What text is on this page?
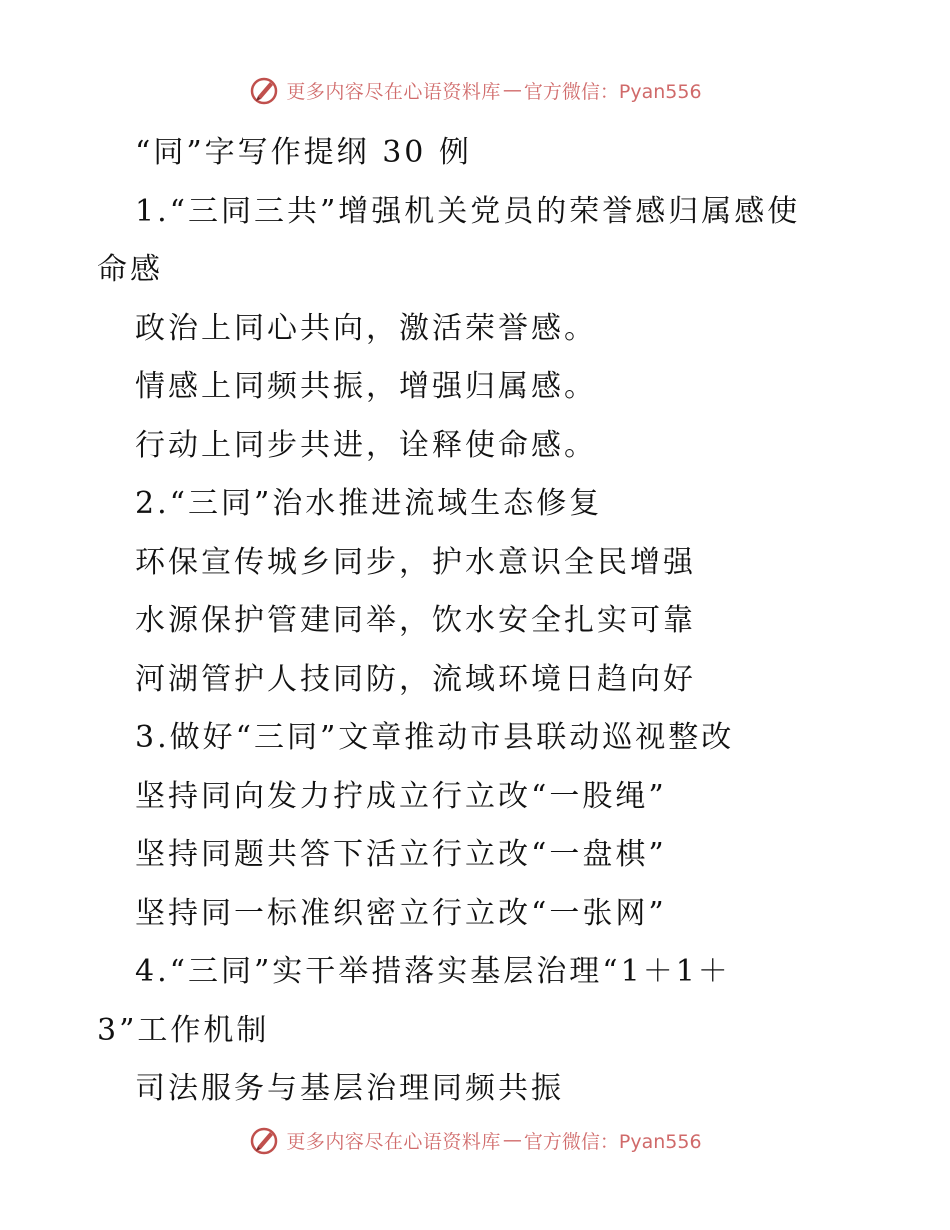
更多内容尽在心语资料库 — 官方微信：Pyan556
“同”字写作提纲 30 例
1.“三同三共”增强机关党员的荣誉感归属感使
命感
政治上同心共向，激活荣誉感。
情感上同频共振，增强归属感。
行动上同步共进，诠释使命感。
2.“三同”治水推进流域生态修复
环保宣传城乡同步，护水意识全民增强
水源保护管建同举，饮水安全扎实可靠
河湖管护人技同防，流域环境日趋向好
3.做好“三同”文章推动市县联动巡视整改
坚持同向发力拧成立行立改“一股绳”
坚持同题共答下活立行立改“一盘棋”
坚持同一标准织密立行立改“一张网”
4.“三同”实干举措落实基层治理“1＋1＋
3”工作机制
司法服务与基层治理同频共振
更多内容尽在心语资料库 — 官方微信：Pyan556
